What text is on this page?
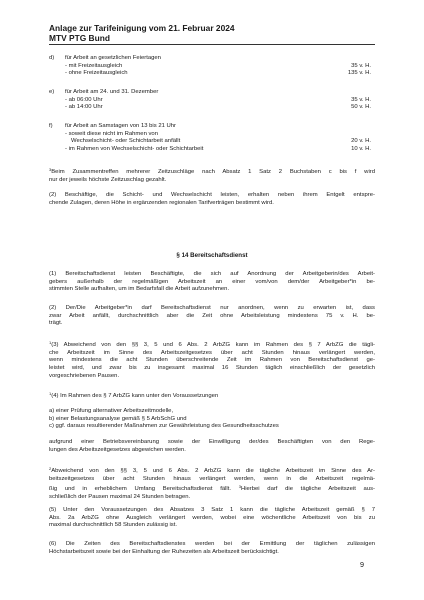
Anlage zur Tarifeinigung vom 21. Februar 2024
MTV PTG Bund
d) für Arbeit an gesetzlichen Feiertagen
- mit Freizeitausgleich	35 v. H.
- ohne Freizeitausgleich	135 v. H.
e) für Arbeit am 24. und 31. Dezember
- ab 06:00 Uhr	35 v. H.
- ab 14:00 Uhr	50 v. H.
f) für Arbeit an Samstagen von 13 bis 21 Uhr
- soweit diese nicht im Rahmen von
Wechselschicht- oder Schichtarbeit anfällt	20 v. H.
- im Rahmen von Wechselschicht- oder Schichtarbeit	10 v. H.
$^3$Beim Zusammentreffen mehrerer Zeitzuschläge nach Absatz 1 Satz 2 Buchstaben c bis f wird
nur der jeweils höchste Zeitzuschlag gezahlt.
(2) Beschäftige, die Schicht- und Wechselschicht leisten, erhalten neben ihrem Entgelt entspre-
chende Zulagen, deren Höhe in ergänzenden regionalen Tarifverträgen bestimmt wird.
§ 14 Bereitschaftsdienst
(1) Bereitschaftsdienst leisten Beschäftigte, die sich auf Anordnung der Arbeitgeberin/des Arbeit-
gebers außerhalb der regelmäßigen Arbeitszeit an einer vom/von dem/der Arbeitgeber*in be-
stimmten Stelle aufhalten, um im Bedarfsfall die Arbeit aufzunehmen.
(2) Der/Die Arbeitgeber*in darf Bereitschaftsdienst nur anordnen, wenn zu erwarten ist, dass
zwar Arbeit anfällt, durchschnittlich aber die Zeit ohne Arbeitsleistung mindestens 75 v. H. be-
trägt.
$^1$(3) Abweichend von den §§ 3, 5 und 6 Abs. 2 ArbZG kann im Rahmen des § 7 ArbZG die tägli-
che Arbeitszeit im Sinne des Arbeitszeitgesetzes über acht Stunden hinaus verlängert werden,
wenn mindestens die acht Stunden überschreitende Zeit im Rahmen von Bereitschaftsdienst ge-
leistet wird, und zwar bis zu insgesamt maximal 16 Stunden täglich einschließlich der gesetzlich
vorgeschriebenen Pausen.
$^1$(4) Im Rahmen des § 7 ArbZG kann unter den Voraussetzungen
a) einer Prüfung alternativer Arbeitszeitmodelle,
b) einer Belastungsanalyse gemäß § 5 ArbSchG und
c) ggf. daraus resultierender Maßnahmen zur Gewährleistung des Gesundheitsschutzes
aufgrund einer Betriebsvereinbarung sowie der Einwilligung der/des Beschäftigten von den Rege-
lungen des Arbeitszeitgesetzes abgewichen werden.
$^2$Abweichend von den §§ 3, 5 und 6 Abs. 2 ArbZG kann die tägliche Arbeitszeit im Sinne des Ar-
beitszeitgesetzes über acht Stunden hinaus verlängert werden, wenn in die Arbeitszeit regelmä-
ßig und in erheblichem Umfang Bereitschaftsdienst fällt. $^3$Hierbei darf die tägliche Arbeitszeit aus-
schließlich der Pausen maximal 24 Stunden betragen.
(5) Unter den Voraussetzungen des Absatzes 3 Satz 1 kann die tägliche Arbeitszeit gemäß § 7
Abs. 2a ArbZG ohne Ausgleich verlängert werden, wobei eine wöchentliche Arbeitszeit von bis zu
maximal durchschnittlich 58 Stunden zulässig ist.
(6) Die Zeiten des Bereitschaftsdienstes werden bei der Ermittlung der täglichen zulässigen
Höchstarbeitszeit sowie bei der Einhaltung der Ruhezeiten als Arbeitszeit berücksichtigt.
9
